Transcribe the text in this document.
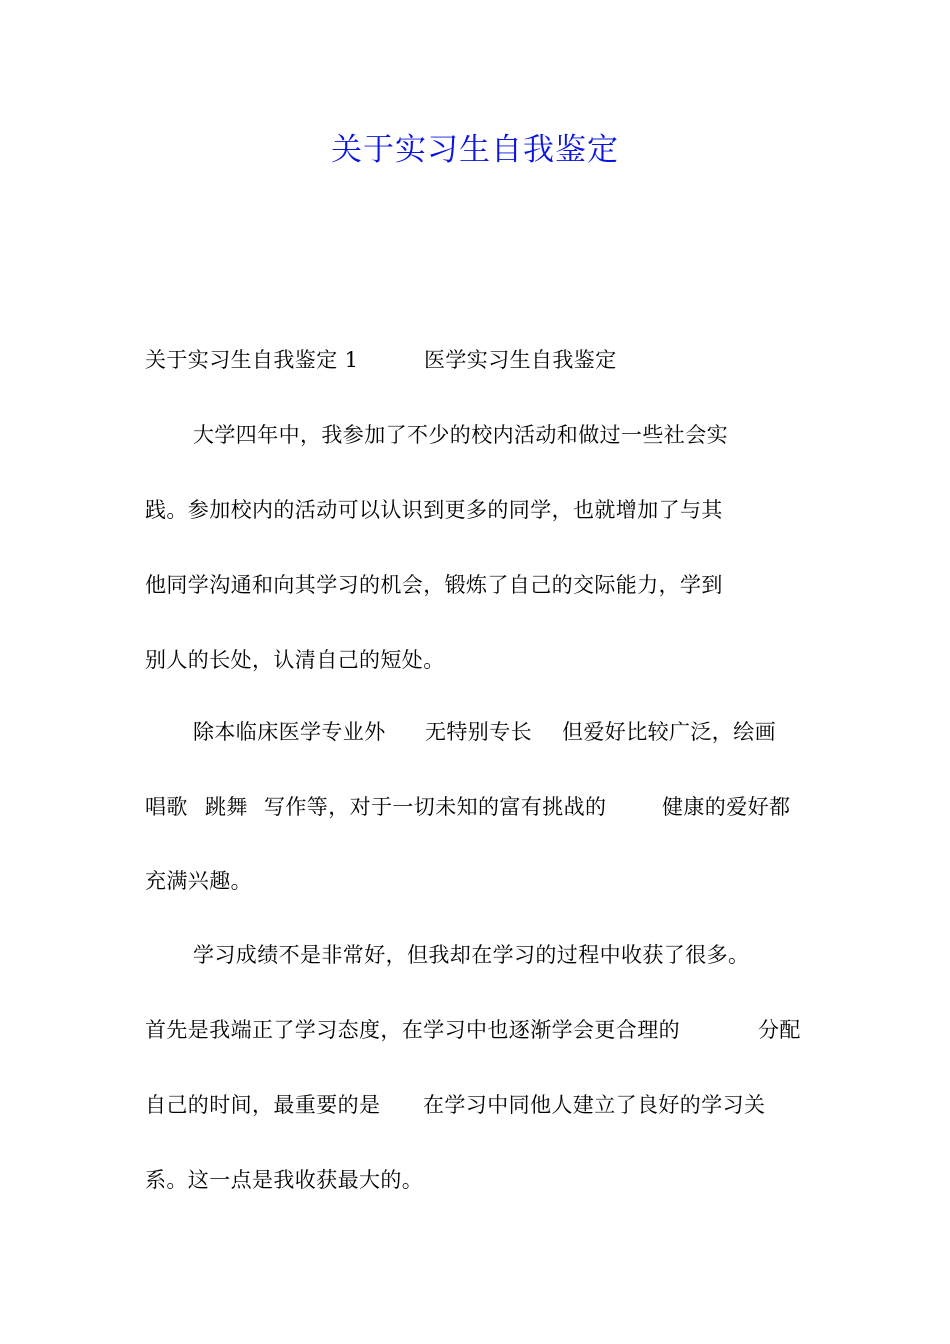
关于实习生自我鉴定
关于实习生自我鉴定 1	医学实习生自我鉴定
大学四年中，我参加了不少的校内活动和做过一些社会实
践。参加校内的活动可以认识到更多的同学，也就增加了与其
他同学沟通和向其学习的机会，锻炼了自己的交际能力，学到
别人的长处，认清自己的短处。
除本临床医学专业外 无特别专长 但爱好比较广泛，绘画
唱歌 跳舞 写作等，对于一切未知的富有挑战的	健康的爱好都
充满兴趣。
学习成绩不是非常好，但我却在学习的过程中收获了很多。
首先是我端正了学习态度，在学习中也逐渐学会更合理的	分配
自己的时间，最重要的是 在学习中同他人建立了良好的学习关
系。这一点是我收获最大的。
